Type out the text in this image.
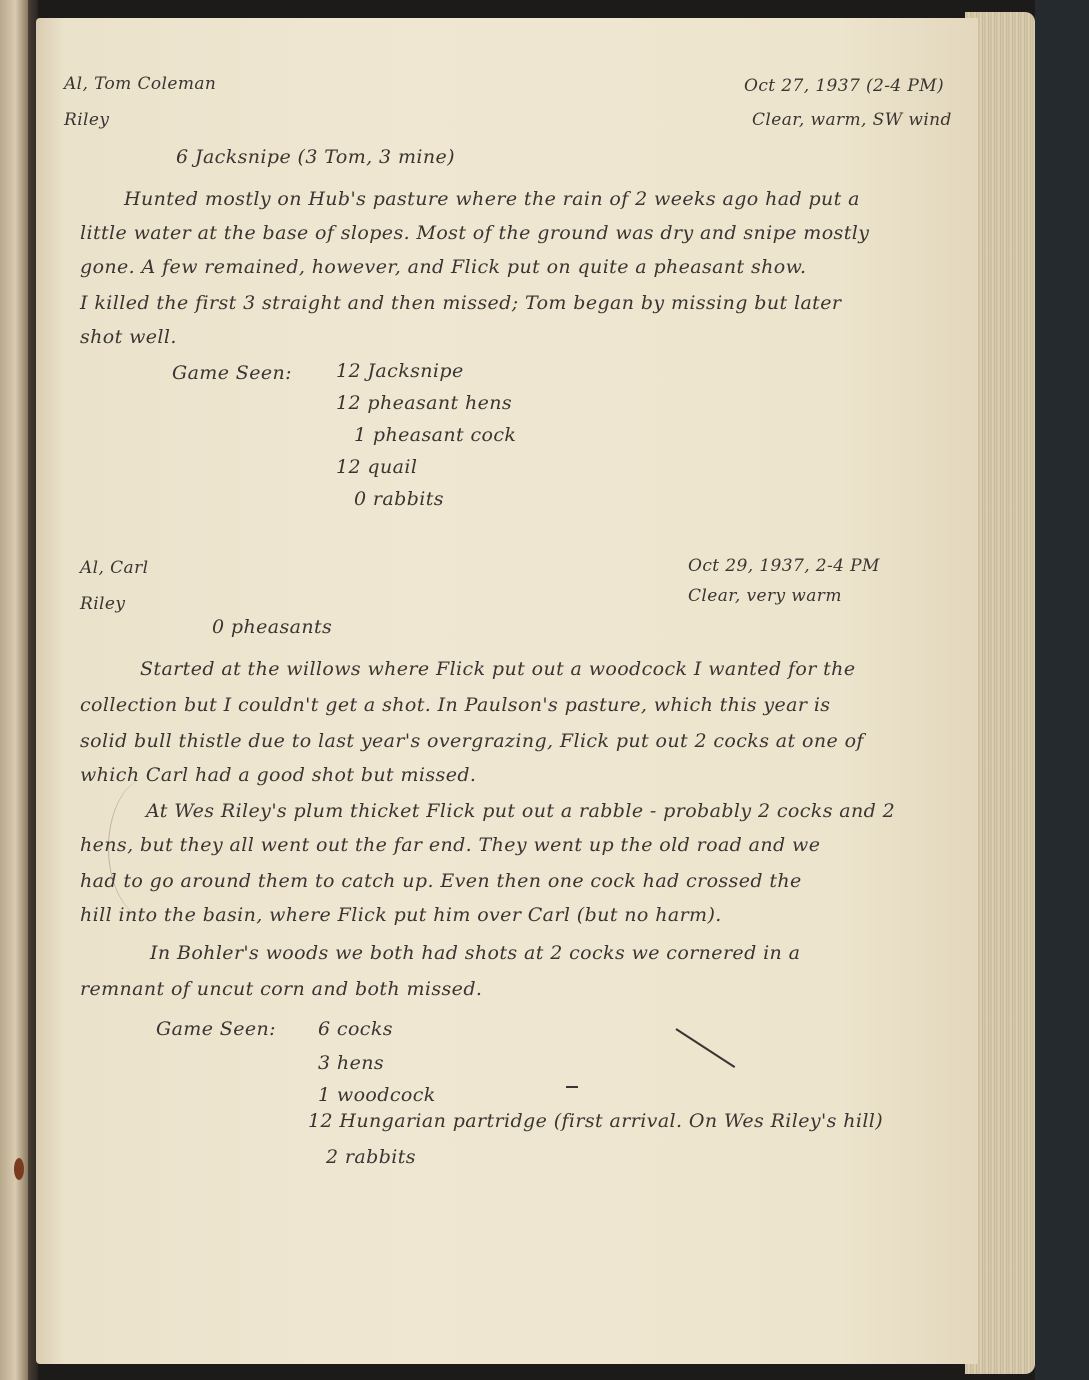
Al, Tom Coleman
Riley
Oct 27, 1937 (2-4 PM)
Clear, warm, SW wind
6 Jacksnipe (3 Tom, 3 mine)
Hunted mostly on Hub's pasture where the rain of 2 weeks ago had put a
little water at the base of slopes. Most of the ground was dry and snipe mostly
gone. A few remained, however, and Flick put on quite a pheasant show.
I killed the first 3 straight and then missed; Tom began by missing but later
shot well.
Game Seen: 12 Jacksnipe
12 pheasant hens
1 pheasant cock
12 quail
0 rabbits
Al, Carl
Riley
Oct 29, 1937, 2-4 PM
Clear, very warm
0 pheasants
Started at the willows where Flick put out a woodcock I wanted for the
collection but I couldn't get a shot. In Paulson's pasture, which this year is
solid bull thistle due to last year's overgrazing, Flick put out 2 cocks at one of
which Carl had a good shot but missed.
At Wes Riley's plum thicket Flick put out a rabble - probably 2 cocks and 2
hens, but they all went out the far end. They went up the old road and we
had to go around them to catch up. Even then one cock had crossed the
hill into the basin, where Flick put him over Carl (but no harm).
In Bohler's woods we both had shots at 2 cocks we cornered in a
remnant of uncut corn and both missed.
Game Seen: 6 cocks
3 hens
1 woodcock
12 Hungarian partridge (first arrival. On Wes Riley's hill)
2 rabbits
